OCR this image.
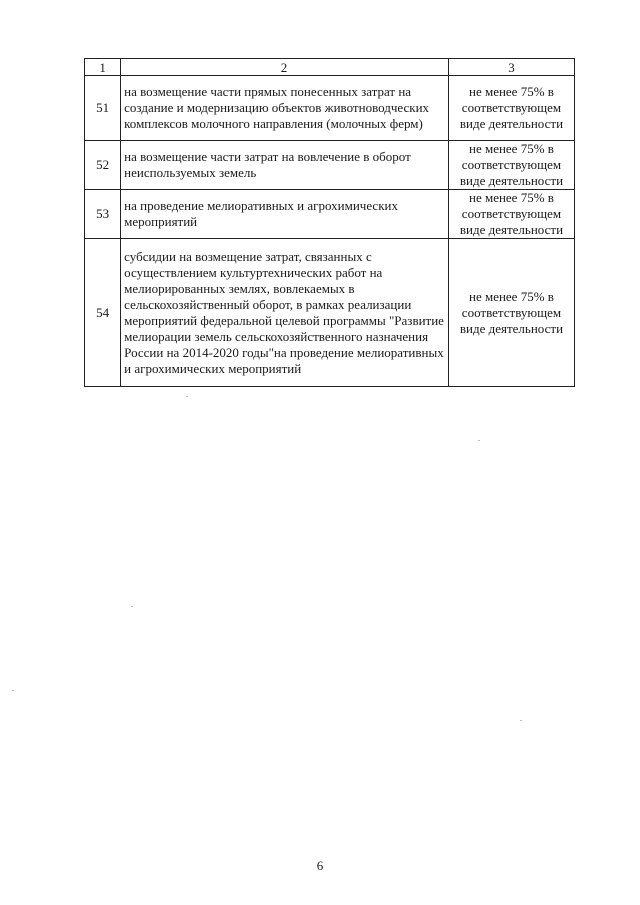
1	2	3
51	на возмещение части прямых понесенных затрат на создание и модернизацию объектов животноводческих комплексов молочного направления (молочных ферм)	не менее 75% в соответствующем виде деятельности

52	на возмещение части затрат на вовлечение в оборот неиспользуемых земель	не менее 75% в соответствующем виде деятельности

53	на проведение мелиоративных и агрохимических мероприятий	не менее 75% в соответствующем виде деятельности

54	субсидии на возмещение затрат, связанных с осуществлением культуртехнических работ на мелиорированных землях, вовлекаемых в сельскохозяйственный оборот, в рамках реализации мероприятий федеральной целевой программы "Развитие мелиорации земель сельскохозяйственного назначения России на 2014-2020 годы"на проведение мелиоративных и агрохимических мероприятий	не менее 75% в соответствующем виде деятельности
6
